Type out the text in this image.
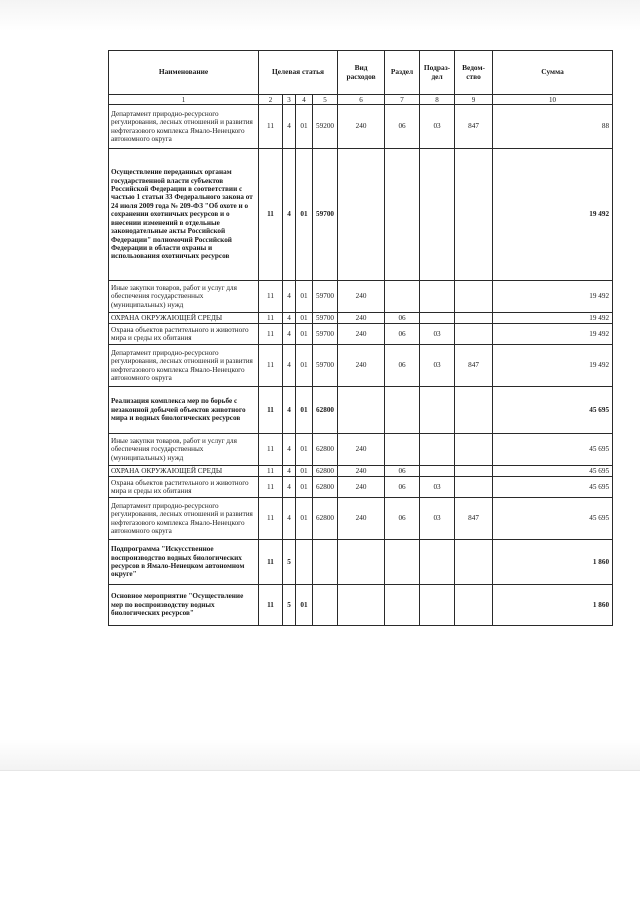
Наименование	Целевая статья				Вид расходов	Раздел	Подраз-дел	Ведом-ство	Сумма
1	2	3	4	5	6	7	8	9	10
Департамент природно-ресурсного регулирования, лесных отношений и развития нефтегазового комплекса Ямало-Ненецкого автономного округа	11	4	01	59200	240	06	03	847	88
Осуществление переданных органам государственной власти субъектов Российской Федерации в соответствии с частью 1 статьи 33 Федерального закона от 24 июля 2009 года № 209-ФЗ "Об охоте и о сохранении охотничьих ресурсов и о внесении изменений в отдельные законодательные акты Российской Федерации" полномочий Российской Федерации в области охраны и использования охотничьих ресурсов	11	4	01	59700					19 492
Иные закупки товаров, работ и услуг для обеспечения государственных (муниципальных) нужд	11	4	01	59700	240				19 492
ОХРАНА ОКРУЖАЮЩЕЙ СРЕДЫ	11	4	01	59700	240	06			19 492
Охрана объектов растительного и животного мира и среды их обитания	11	4	01	59700	240	06	03		19 492
Департамент природно-ресурсного регулирования, лесных отношений и развития нефтегазового комплекса Ямало-Ненецкого автономного округа	11	4	01	59700	240	06	03	847	19 492
Реализация комплекса мер по борьбе с незаконной добычей объектов животного мира и водных биологических ресурсов	11	4	01	62800					45 695
Иные закупки товаров, работ и услуг для обеспечения государственных (муниципальных) нужд	11	4	01	62800	240				45 695
ОХРАНА ОКРУЖАЮЩЕЙ СРЕДЫ	11	4	01	62800	240	06			45 695
Охрана объектов растительного и животного мира и среды их обитания	11	4	01	62800	240	06	03		45 695
Департамент природно-ресурсного регулирования, лесных отношений и развития нефтегазового комплекса Ямало-Ненецкого автономного округа	11	4	01	62800	240	06	03	847	45 695
Подпрограмма "Искусственное воспроизводство водных биологических ресурсов в Ямало-Ненецком автономном округе"	11	5							1 860
Основное мероприятие "Осуществление мер по воспроизводству водных биологических ресурсов"	11	5	01						1 860
